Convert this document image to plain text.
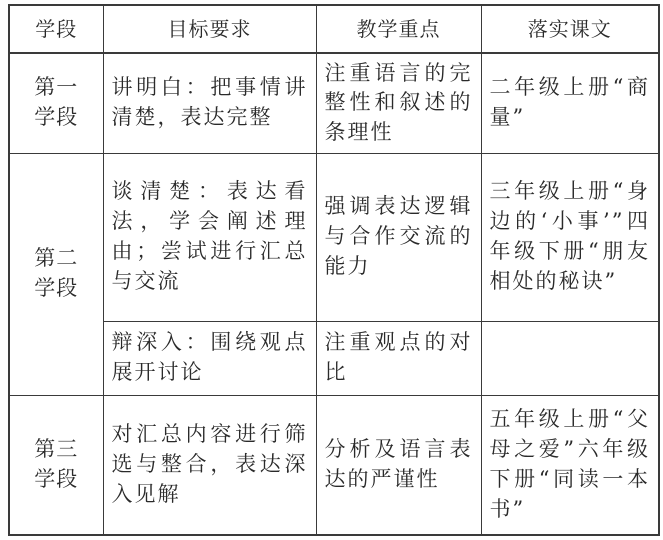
学段	目标要求	教学重点	落实课文
第一
学段	讲明白：把事情讲清楚，表达完整	注重语言的完整性和叙述的条理性	二年级上册“商量”
第二
学段	谈清楚：表达看法，学会阐述理由；尝试进行汇总与交流	强调表达逻辑与合作交流的能力	三年级上册“身边的‘小事’”四年级下册“朋友相处的秘诀”
	辩深入：围绕观点展开讨论	注重观点的对比	
第三
学段	对汇总内容进行筛选与整合，表达深入见解	分析及语言表达的严谨性	五年级上册“父母之爱”六年级下册“同读一本书”
